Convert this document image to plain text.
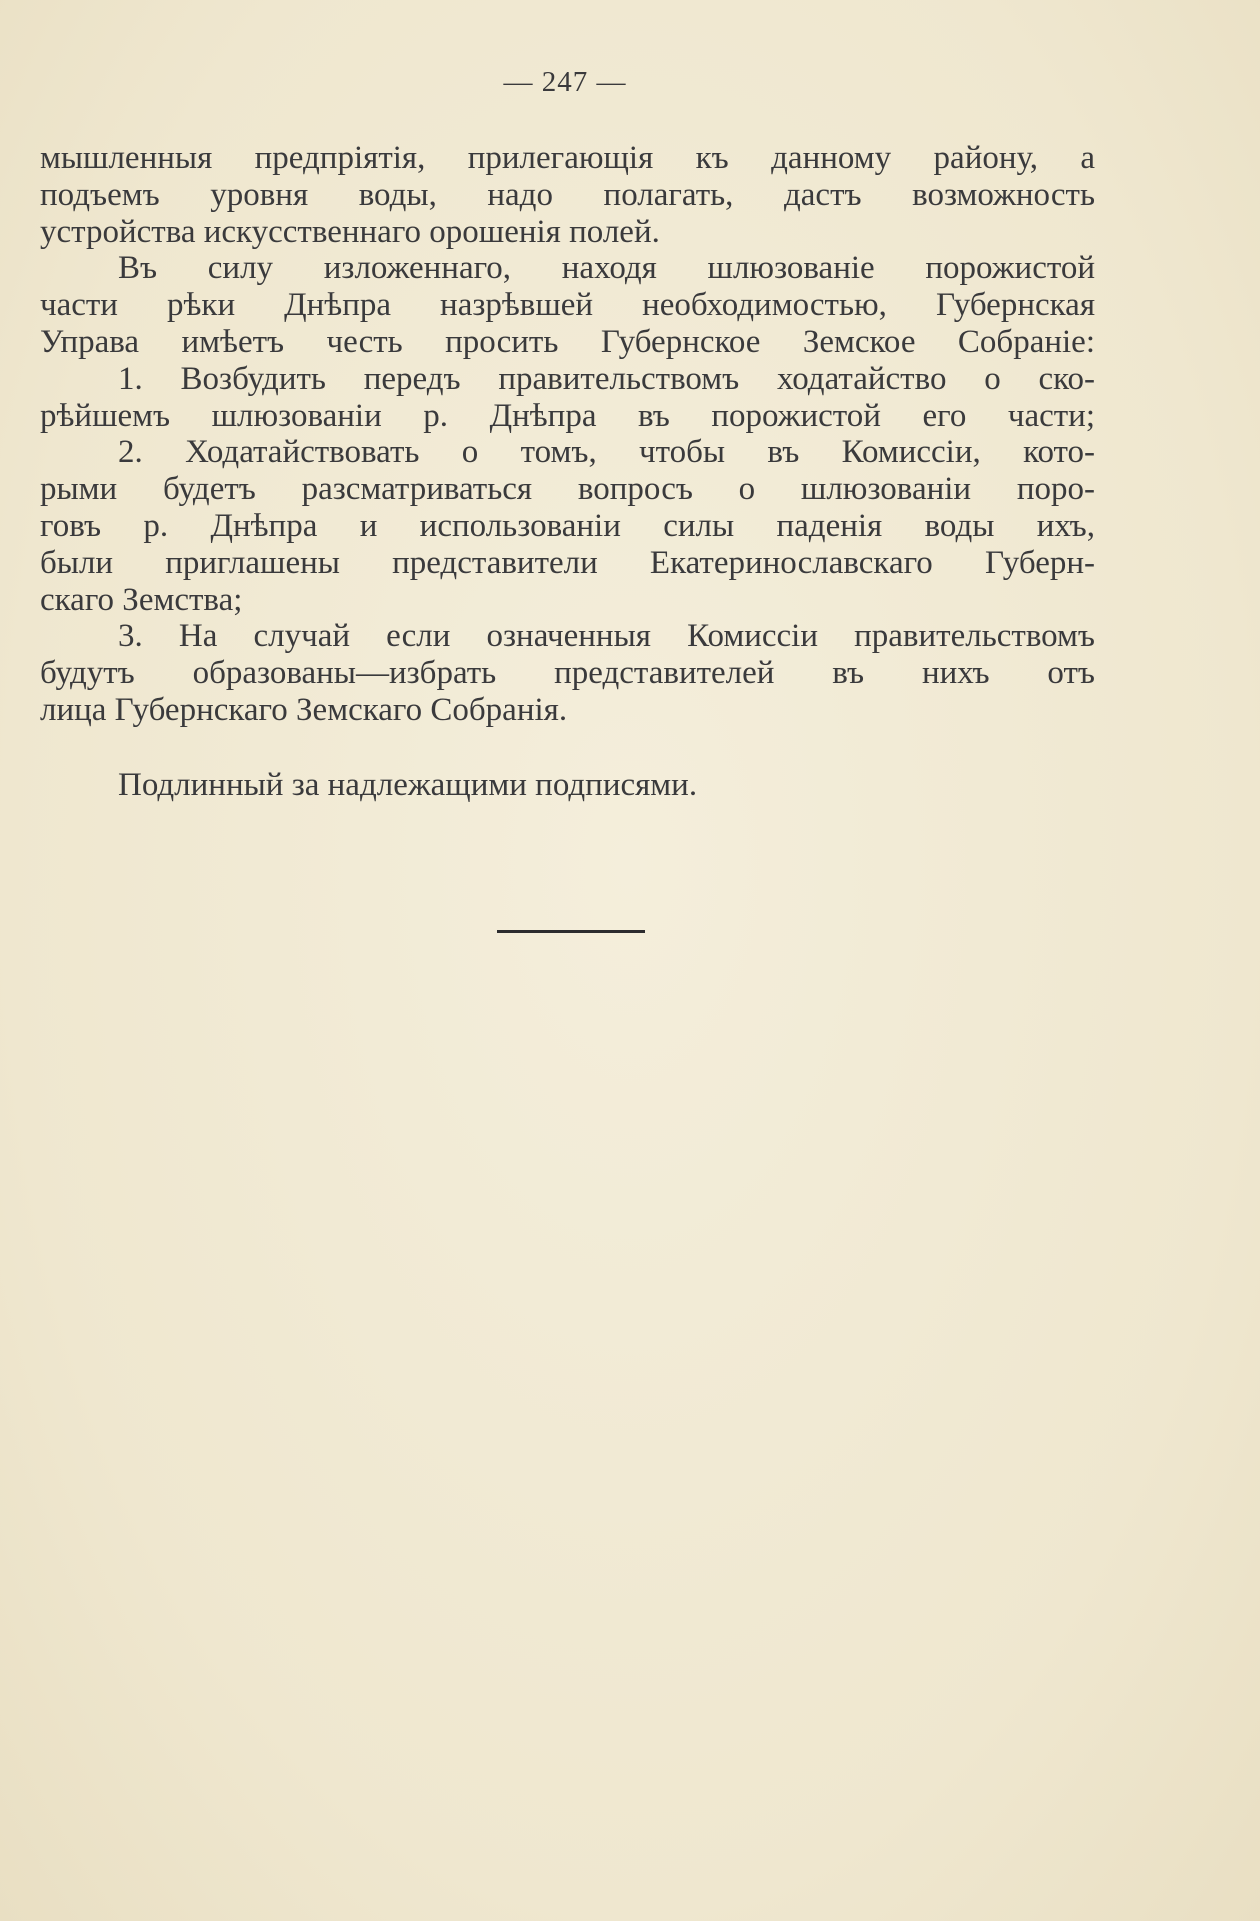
— 247 —
мышленныя предпріятія, прилегающія къ данному району, а
подъемъ уровня воды, надо полагать, дастъ возможность
устройства искусственнаго орошенія полей.
Въ силу изложеннаго, находя шлюзованіе порожистой
части рѣки Днѣпра назрѣвшей необходимостью, Губернская
Управа имѣетъ честь просить Губернское Земское Собраніе:
1. Возбудить передъ правительствомъ ходатайство о ско-
рѣйшемъ шлюзованіи р. Днѣпра въ порожистой его части;
2. Ходатайствовать о томъ, чтобы въ Комиссіи, кото-
рыми будетъ разсматриваться вопросъ о шлюзованіи поро-
говъ р. Днѣпра и использованіи силы паденія воды ихъ,
были приглашены представители Екатеринославскаго Губерн-
скаго Земства;
3. На случай если означенныя Комиссіи правительствомъ
будутъ образованы—избрать представителей въ нихъ отъ
лица Губернскаго Земскаго Собранія.
Подлинный за надлежащими подписями.
